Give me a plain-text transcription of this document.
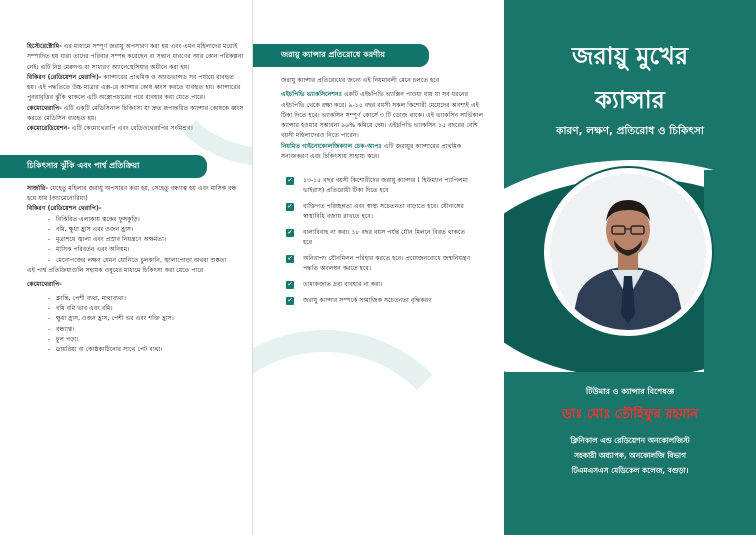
হিস্টেরেক্টোমি- এর মাধ্যমে সম্পূর্ণ জরায়ু অপসারণ করা হয় এবং এমন মহিলাদের মধ্যেই সম্পাদিত হয় যারা তাদের পরিবার সম্পন্ন করেছেন বা সন্তান ধারণের আর কোন পরিকল্পনা নেই। এটি নিম্ন মেরুদণ্ড বা সাধারণ অ্যানেস্থেসিয়ার অধীনে করা হয়।

বিকিরণ (রেডিয়েশন থেরাপি)- ক্যান্সারের প্রাথমিক ও অ্যাডভান্সড সব পর্যায়ে ব্যবহৃত হয়। এই পদ্ধতিতে উচ্চ মাত্রার এক্স-রে ক্যান্সার কোষ ধ্বংস করতে ব্যবহৃত হয়। ক্যান্সারের পুনরাবৃত্তির ঝুঁকি থাকলে এটি অস্ত্রোপচারের পরে ব্যবহার করা যেতে পারে।

কেমোথেরাপি- এটি একটি মেডিসিনাল চিকিৎসা যা দ্রুত রূপান্তরিত ক্যান্সার কোষকে ধ্বংস করতে মেডিসিন ব্যবহৃত হয়।

কেমোরেডিয়েশন- এটি কেমোথেরাপি এবং রেডিওথেরাপির সংমিশ্রণ।

চিকিৎসার ঝুঁকি এবং পার্শ্ব প্রতিক্রিয়া

সার্জারি- যেহেতু মহিলার জরায়ু অপসারণ করা হয়, সেহেতু বন্ধ্যাত্ব হয় এবং মাসিক বন্ধ হয়ে যায় (অ্যামেনোরিয়া)

বিকিরণ (রেডিয়েশন থেরাপি)-

- বিকিরিত এলাকায় ত্বকের ফুসকুড়ি।
- বমি, ক্ষুধা হ্রাস এবং ওজন হ্রাস।
- মূত্রাশয়ে জ্বালা এবং প্রস্রাব নিয়ন্ত্রণে অক্ষমতা।
- মাসিক পরিবর্তন এবং অনিয়ম।
- মেনোপজের লক্ষণ যেমন যোনিতে চুলকানি, জ্বালাপোড়া অথবা শুষ্কতা

এই পার্শ্ব প্রতিক্রিয়াগুলি সহায়ক ওষুধের মাধ্যমে চিকিৎসা করা যেতে পারে

কেমোথেরাপি-

- ক্লান্তি, পেশী ব্যথা, মাথাব্যথা।
- বমি বমি ভাব এবং বমি।
- ক্ষুধা হ্রাস, ওজন হ্রাস, পেশী ভর এবং শক্তি হ্রাস।
- বন্ধ্যাত্ব।
- চুল পড়া।
- ডায়রিয়া বা কোষ্ঠকাঠিন্যের সাথে পেট ব্যথা।
জরায়ু ক্যান্সার প্রতিরোধে করণীয়

জরায়ু ক্যান্সার প্রতিরোধের জন্যে এই নিয়মাবলী মেনে চলতে হবে

এইচপিভি ভ্যাকসিনেশনঃ একটি এইচপিভি ভ্যাক্সিন পাওয়া যায় যা সব ধরনের এইচপিভি থেকে রক্ষা করে। ৯-১৫ বছর বয়সী সকল কিশোরী মেয়েদের অবশ্যই এই টিকা দিতে হবে। ভ্যাকসিন সম্পূর্ণ কোর্সে ৩ টি ডোজ থাকে। এই ভ্যাকসিন সার্ভিকাল ক্যান্সার হওয়ার সম্ভাবনা ৯৬% কমিয়ে দেয়। এইচপিভি ভ্যাকসিন ১৫ বছরের বেশি বয়সী মহিলাদেরও নিতে পারেন।

নিয়মিত গাইনোকোলজিক্যাল চেক-আপঃ এটি জরায়ুর ক্যান্সারের প্রাথমিক সনাক্তকরণ এবং চিকিৎসায় সাহায্য করে।

✔ ১৩-১৫ বছর বয়সী কিশোরীদের জরায়ু ক্যান্সার ( হিউম্যান প্যাপিলমা ভাইরাস) প্রতিরোধী টিকা দিতে হবে
✔ ব্যক্তিগত পরিচ্ছন্নতা এবং স্বাস্থ্য সচেতনতা বাড়াতে হবে। যৌনাঙ্গের স্বাস্থ্যবিধি বজায় রাখতে হবে।
✔ বাল্যবিবাহ না করা। ১৮ বছর বয়স পর্যন্ত যৌন মিলনে বিরত থাকতে হবে
✔ অনিরাপদ যৌনমিলন পরিহার করতে হবে। প্রয়োজনবোধে জন্মনিয়ন্ত্রণ পদ্ধতি অবলম্বন করতে হবে।
✔ তামাকজাত দ্রব্য ব্যবহার না করা।
✔ জরায়ু ক্যান্সার সম্পর্কে সামাজিক সচেতনতা বৃদ্ধিকরণ
জরায়ু মুখের
ক্যান্সার
কারণ, লক্ষণ, প্রতিরোধ ও চিকিৎসা
টিউমার ও ক্যান্সার বিশেষজ্ঞ
ডাঃ মোঃ তৌহিফুর রহমান
ক্লিনিকাল এন্ড রেডিয়েশন অনকোলজিস্ট
সহকারী অধ্যাপক, অনকোলজি বিভাগ
টিএমএসএস মেডিকেল কলেজ, বগুড়া।
